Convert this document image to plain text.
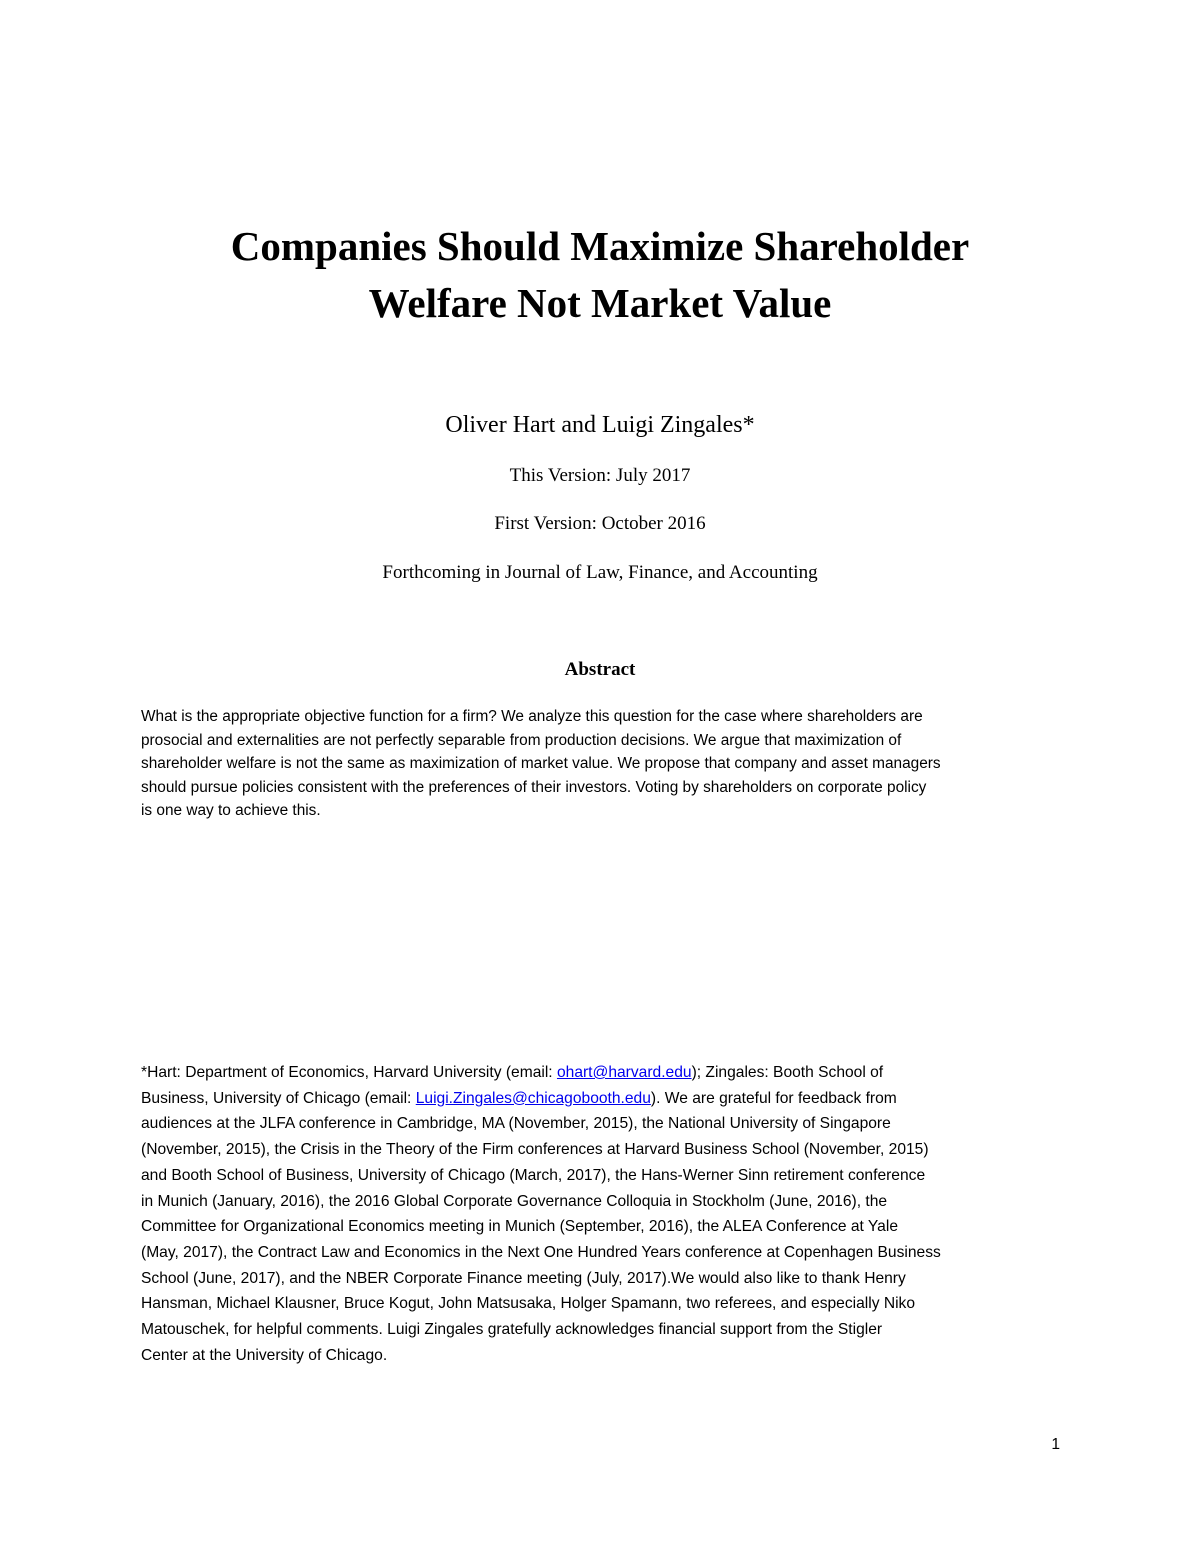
Companies Should Maximize Shareholder
Welfare Not Market Value

Oliver Hart and Luigi Zingales*

This Version: July 2017

First Version: October 2016

Forthcoming in Journal of Law, Finance, and Accounting

Abstract
What is the appropriate objective function for a firm? We analyze this question for the case where shareholders are
prosocial and externalities are not perfectly separable from production decisions. We argue that maximization of
shareholder welfare is not the same as maximization of market value. We propose that company and asset managers
should pursue policies consistent with the preferences of their investors. Voting by shareholders on corporate policy
is one way to achieve this.
*Hart: Department of Economics, Harvard University (email: ohart@harvard.edu); Zingales: Booth School of
Business, University of Chicago (email: Luigi.Zingales@chicagobooth.edu). We are grateful for feedback from
audiences at the JLFA conference in Cambridge, MA (November, 2015), the National University of Singapore
(November, 2015), the Crisis in the Theory of the Firm conferences at Harvard Business School (November, 2015)
and Booth School of Business, University of Chicago (March, 2017), the Hans-Werner Sinn retirement conference
in Munich (January, 2016), the 2016 Global Corporate Governance Colloquia in Stockholm (June, 2016), the
Committee for Organizational Economics meeting in Munich (September, 2016), the ALEA Conference at Yale
(May, 2017), the Contract Law and Economics in the Next One Hundred Years conference at Copenhagen Business
School (June, 2017), and the NBER Corporate Finance meeting (July, 2017).We would also like to thank Henry
Hansman, Michael Klausner, Bruce Kogut, John Matsusaka, Holger Spamann, two referees, and especially Niko
Matouschek, for helpful comments. Luigi Zingales gratefully acknowledges financial support from the Stigler
Center at the University of Chicago.

1
